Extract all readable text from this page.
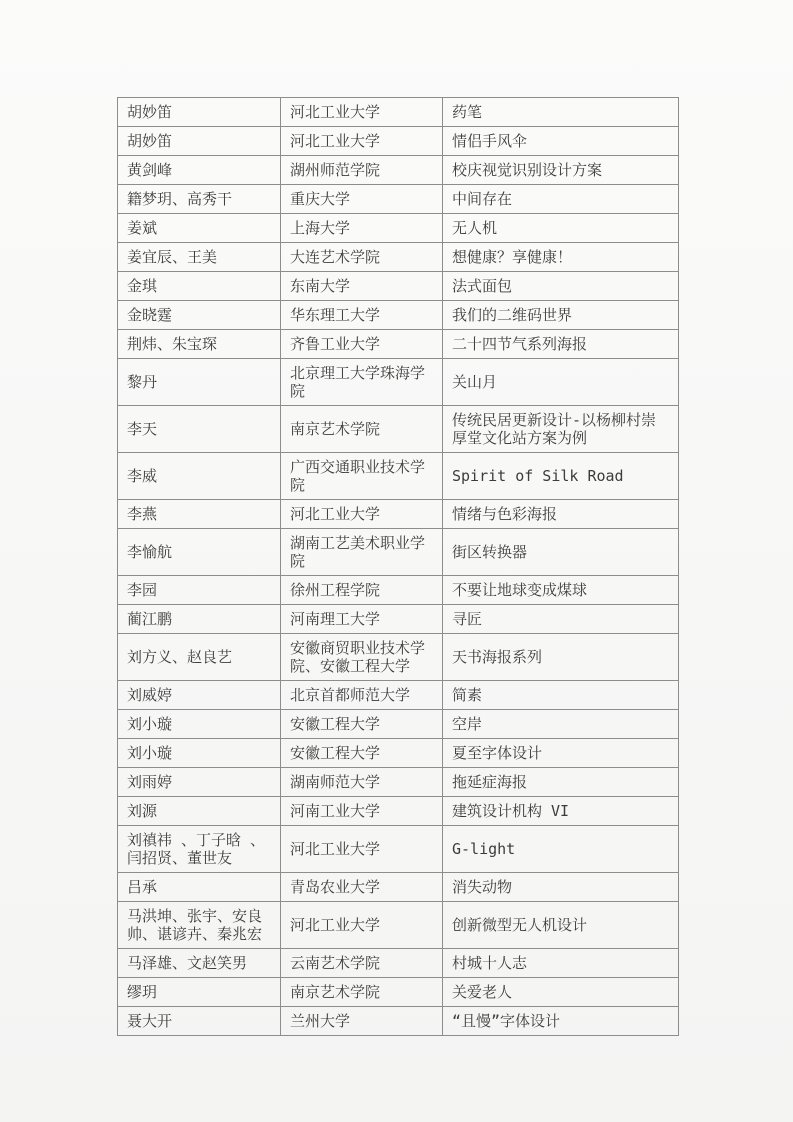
胡妙笛	河北工业大学	药笔
胡妙笛	河北工业大学	情侣手风伞
黄剑峰	湖州师范学院	校庆视觉识别设计方案
籍梦玥、高秀干	重庆大学	中间存在
姜斌	上海大学	无人机
姜宜辰、王美	大连艺术学院	想健康？享健康！
金琪	东南大学	法式面包
金晓霆	华东理工大学	我们的二维码世界
荆炜、朱宝琛	齐鲁工业大学	二十四节气系列海报
黎丹	北京理工大学珠海学院	关山月
李天	南京艺术学院	传统民居更新设计-以杨柳村崇厚堂文化站方案为例
李威	广西交通职业技术学院	Spirit of Silk Road
李燕	河北工业大学	情绪与色彩海报
李愉航	湖南工艺美术职业学院	街区转换器
李园	徐州工程学院	不要让地球变成煤球
蔺江鹏	河南理工大学	寻匠
刘方义、赵良艺	安徽商贸职业技术学院、安徽工程大学	天书海报系列
刘威婷	北京首都师范大学	简素
刘小璇	安徽工程大学	空岸
刘小璇	安徽工程大学	夏至字体设计
刘雨婷	湖南师范大学	拖延症海报
刘源	河南工业大学	建筑设计机构 VI
刘禛祎 、丁子晗 、闫招贤、董世友	河北工业大学	G-light
吕承	青岛农业大学	消失动物
马洪坤、张宇、安良帅、谌谚卉、秦兆宏	河北工业大学	创新微型无人机设计
马泽雄、文赵笑男	云南艺术学院	村城十人志
缪玥	南京艺术学院	关爱老人
聂大开	兰州大学	“且慢”字体设计
